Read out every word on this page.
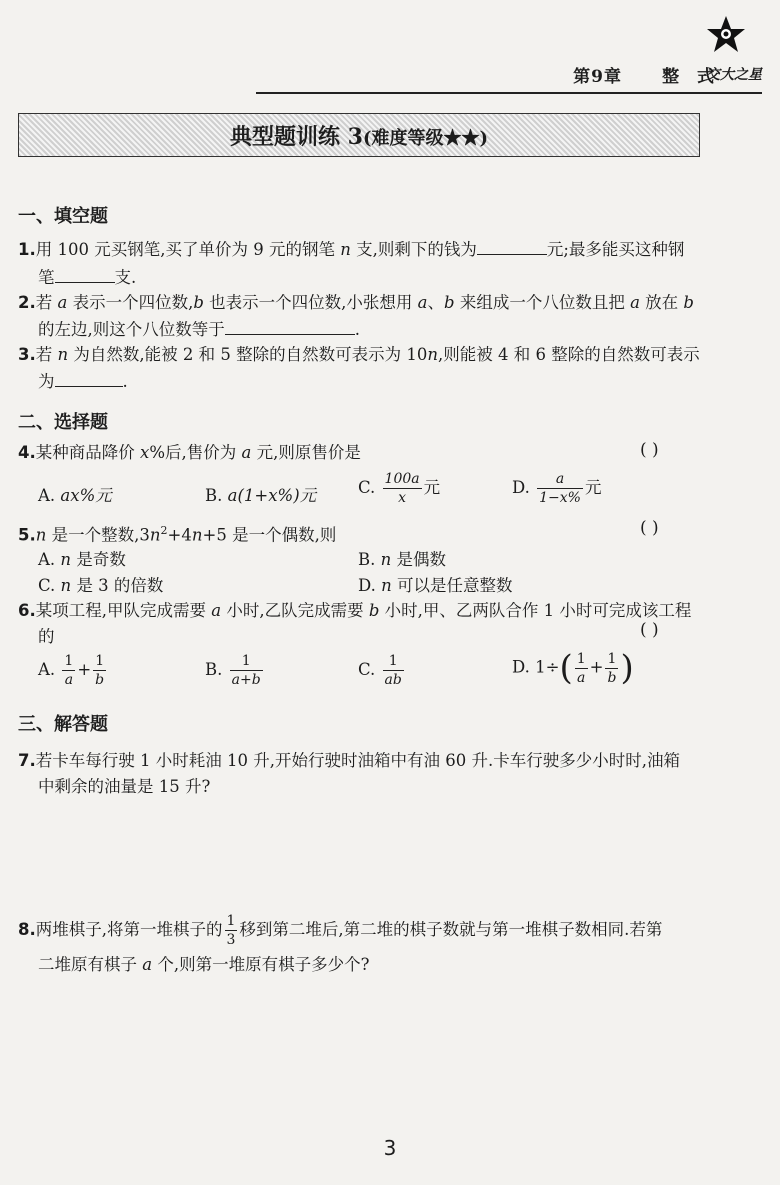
第9章 整 式
交大之星
典型题训练 3(难度等级★★)
一、填空题
1.用 100 元买钢笔,买了单价为 9 元的钢笔 n 支,则剩下的钱为	元;最多能买这种钢
笔	支.
2.若 a 表示一个四位数,b 也表示一个四位数,小张想用 a、b 来组成一个八位数且把 a 放在 b
的左边,则这个八位数等于	.
3.若 n 为自然数,能被 2 和 5 整除的自然数可表示为 10n,则能被 4 和 6 整除的自然数可表示
为	.
二、选择题
4.某种商品降价 x%后,售价为 a 元,则原售价是	( )
A. ax%元	B. a(1+x%)元	C. $\frac{100a}{x}$ 元	D. $\frac{a}{1-x\%}$ 元
5.n 是一个整数$,3n^2+4n+5$ 是一个偶数,则	( )
A. n 是奇数	B. n 是偶数
C. n 是 3 的倍数	D. n 可以是任意整数
6.某项工程,甲队完成需要 a 小时,乙队完成需要 b 小时,甲、乙两队合作 1 小时可完成该工程
的	( )
A. $\frac{1}{a} + \frac{1}{b}$	B. $\frac{1}{a+b}$	C. $\frac{1}{ab}$	D. $1\div( \frac{1}{a} + \frac{1}{b}$ )
三、解答题
7.若卡车每行驶 1 小时耗油 10 升,开始行驶时油箱中有油 60 升.卡车行驶多少小时时,油箱
中剩余的油量是 15 升?
8.两堆棋子,将第一堆棋子的 $\frac{1}{3}$ 移到第二堆后,第二堆的棋子数就与第一堆棋子数相同.若第
二堆原有棋子 a 个,则第一堆原有棋子多少个?
3
